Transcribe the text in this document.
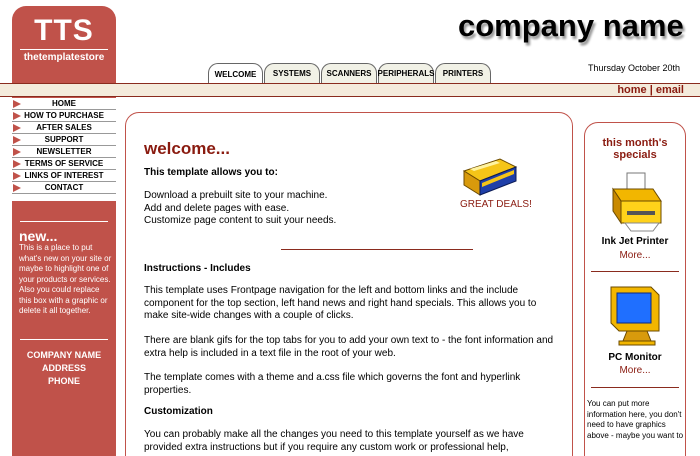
TTS
thetemplatestore
company name
Thursday October 20th
WELCOME	SYSTEMS	SCANNERS PERIPHERALS	PRINTERS
home | email
HOME
HOW TO PURCHASE
AFTER SALES
SUPPORT
NEWSLETTER
TERMS OF SERVICE
LINKS OF INTEREST
CONTACT
new...
This is a place to put what's new on your site or maybe to highlight one of your products or services. Also you could replace this box with a graphic or delete it all together.
COMPANY NAME
ADDRESS
PHONE
welcome...
This template allows you to:
Download a prebuilt site to your machine.
Add and delete pages with ease.
Customize page content to suit your needs.
GREAT DEALS!
Instructions - Includes
This template uses Frontpage navigation for the left and bottom links and the include component for the top section, left hand news and right hand specials. This allows you to make site-wide changes with a couple of clicks.
There are blank gifs for the top tabs for you to add your own text to - the font information and extra help is included in a text file in the root of your web.
The template comes with a theme and a.css file which governs the font and hyperlink properties.
Customization
You can probably make all the changes you need to this template yourself as we have provided extra instructions but if you require any custom work or professional help,
this month's specials
Ink Jet Printer
More...
PC Monitor
More...
You can put more information here, you don't need to have graphics above - maybe you want to
